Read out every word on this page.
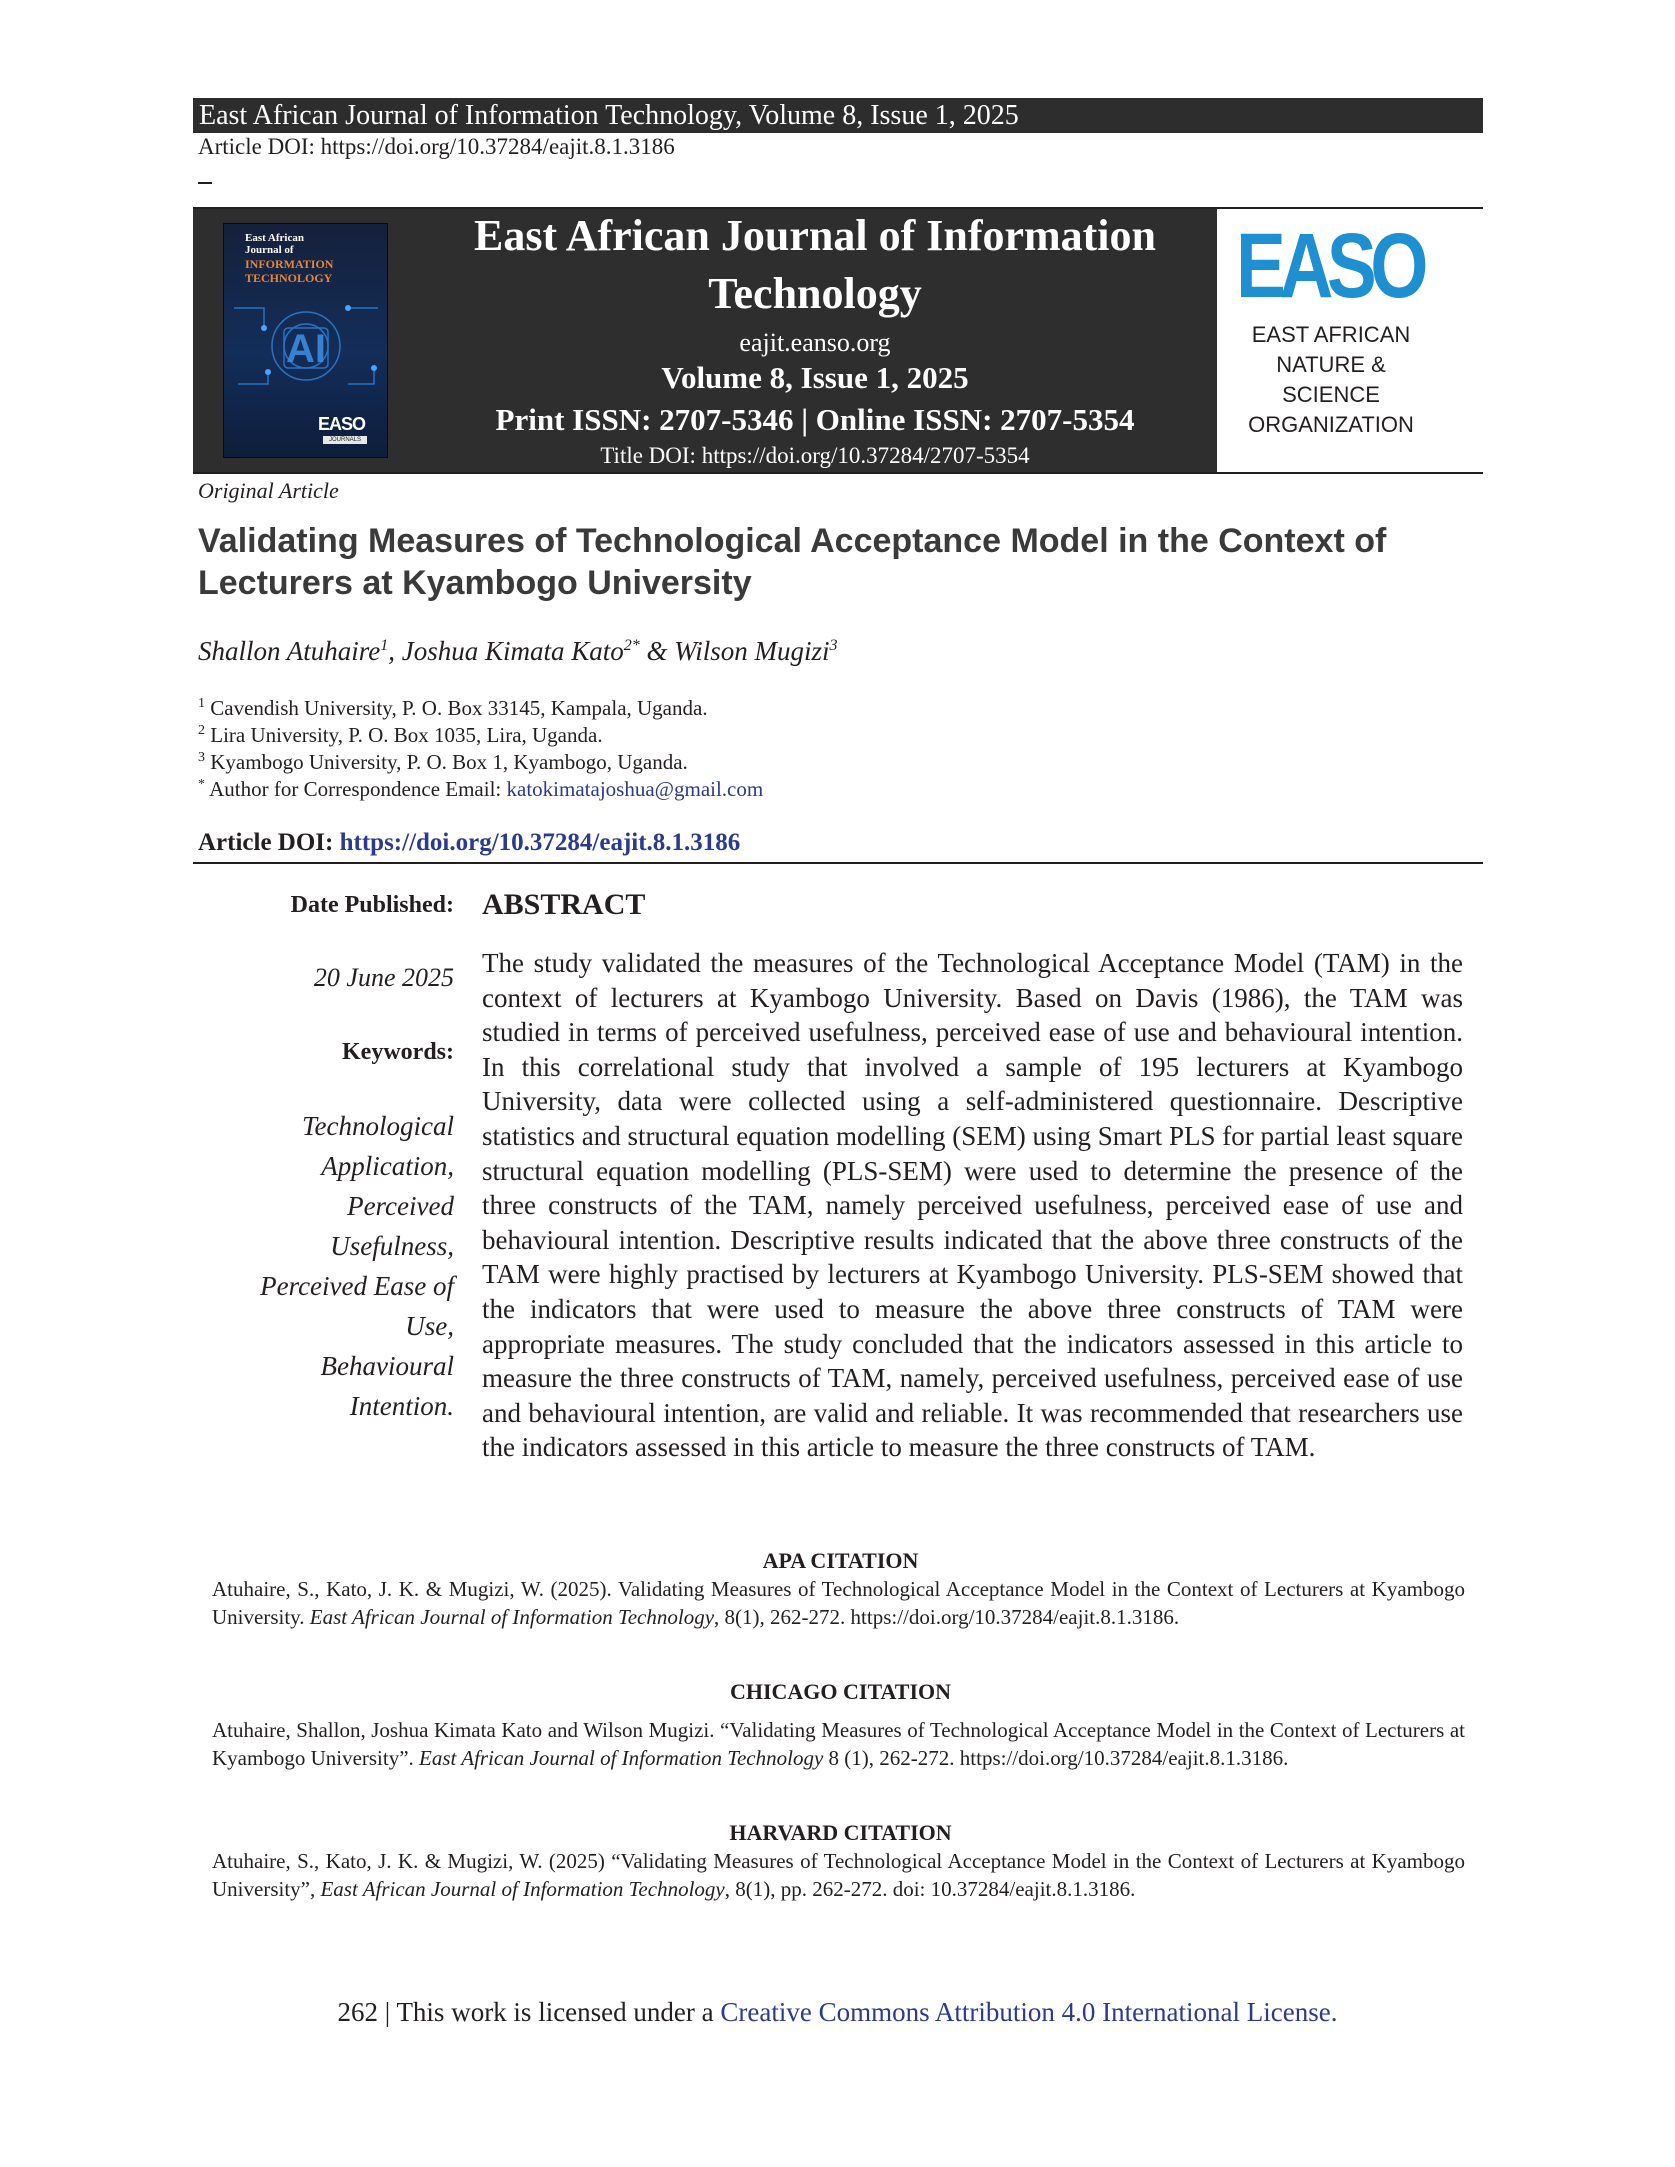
East African Journal of Information Technology, Volume 8, Issue 1, 2025
Article DOI: https://doi.org/10.37284/eajit.8.1.3186
East African
Journal of
INFORMATION
TECHNOLOGY
AI
EASO
JOURNALS
East African Journal of Information Technology
eajit.eanso.org
Volume 8, Issue 1, 2025
Print ISSN: 2707-5346 | Online ISSN: 2707-5354
Title DOI: https://doi.org/10.37284/2707-5354
EASO
EAST AFRICAN
NATURE &
SCIENCE
ORGANIZATION
Original Article
Validating Measures of Technological Acceptance Model in the Context of Lecturers at Kyambogo University
Shallon Atuhaire$^1$, Joshua Kimata Kato$^{2*}$ & Wilson Mugizi$^3$
$^1$ Cavendish University, P. O. Box 33145, Kampala, Uganda.
$^2$ Lira University, P. O. Box 1035, Lira, Uganda.
$^3$ Kyambogo University, P. O. Box 1, Kyambogo, Uganda.
* Author for Correspondence Email: katokimatajoshua@gmail.com
Article DOI: https://doi.org/10.37284/eajit.8.1.3186
Date Published:
20 June 2025
Keywords:
Technological
Application,
Perceived
Usefulness,
Perceived Ease of
Use,
Behavioural
Intention.
ABSTRACT
The study validated the measures of the Technological Acceptance Model (TAM) in the context of lecturers at Kyambogo University. Based on Davis (1986), the TAM was studied in terms of perceived usefulness, perceived ease of use and behavioural intention. In this correlational study that involved a sample of 195 lecturers at Kyambogo University, data were collected using a self-administered questionnaire. Descriptive statistics and structural equation modelling (SEM) using Smart PLS for partial least square structural equation modelling (PLS-SEM) were used to determine the presence of the three constructs of the TAM, namely perceived usefulness, perceived ease of use and behavioural intention. Descriptive results indicated that the above three constructs of the TAM were highly practised by lecturers at Kyambogo University. PLS-SEM showed that the indicators that were used to measure the above three constructs of TAM were appropriate measures. The study concluded that the indicators assessed in this article to measure the three constructs of TAM, namely, perceived usefulness, perceived ease of use and behavioural intention, are valid and reliable. It was recommended that researchers use the indicators assessed in this article to measure the three constructs of TAM.
APA CITATION
Atuhaire, S., Kato, J. K. & Mugizi, W. (2025). Validating Measures of Technological Acceptance Model in the Context of Lecturers at Kyambogo University. East African Journal of Information Technology, 8(1), 262-272. https://doi.org/10.37284/eajit.8.1.3186.
CHICAGO CITATION
Atuhaire, Shallon, Joshua Kimata Kato and Wilson Mugizi. “Validating Measures of Technological Acceptance Model in the Context of Lecturers at Kyambogo University”. East African Journal of Information Technology 8 (1), 262-272. https://doi.org/10.37284/eajit.8.1.3186.
HARVARD CITATION
Atuhaire, S., Kato, J. K. & Mugizi, W. (2025) “Validating Measures of Technological Acceptance Model in the Context of Lecturers at Kyambogo University”, East African Journal of Information Technology, 8(1), pp. 262-272. doi: 10.37284/eajit.8.1.3186.
262 | This work is licensed under a Creative Commons Attribution 4.0 International License.
